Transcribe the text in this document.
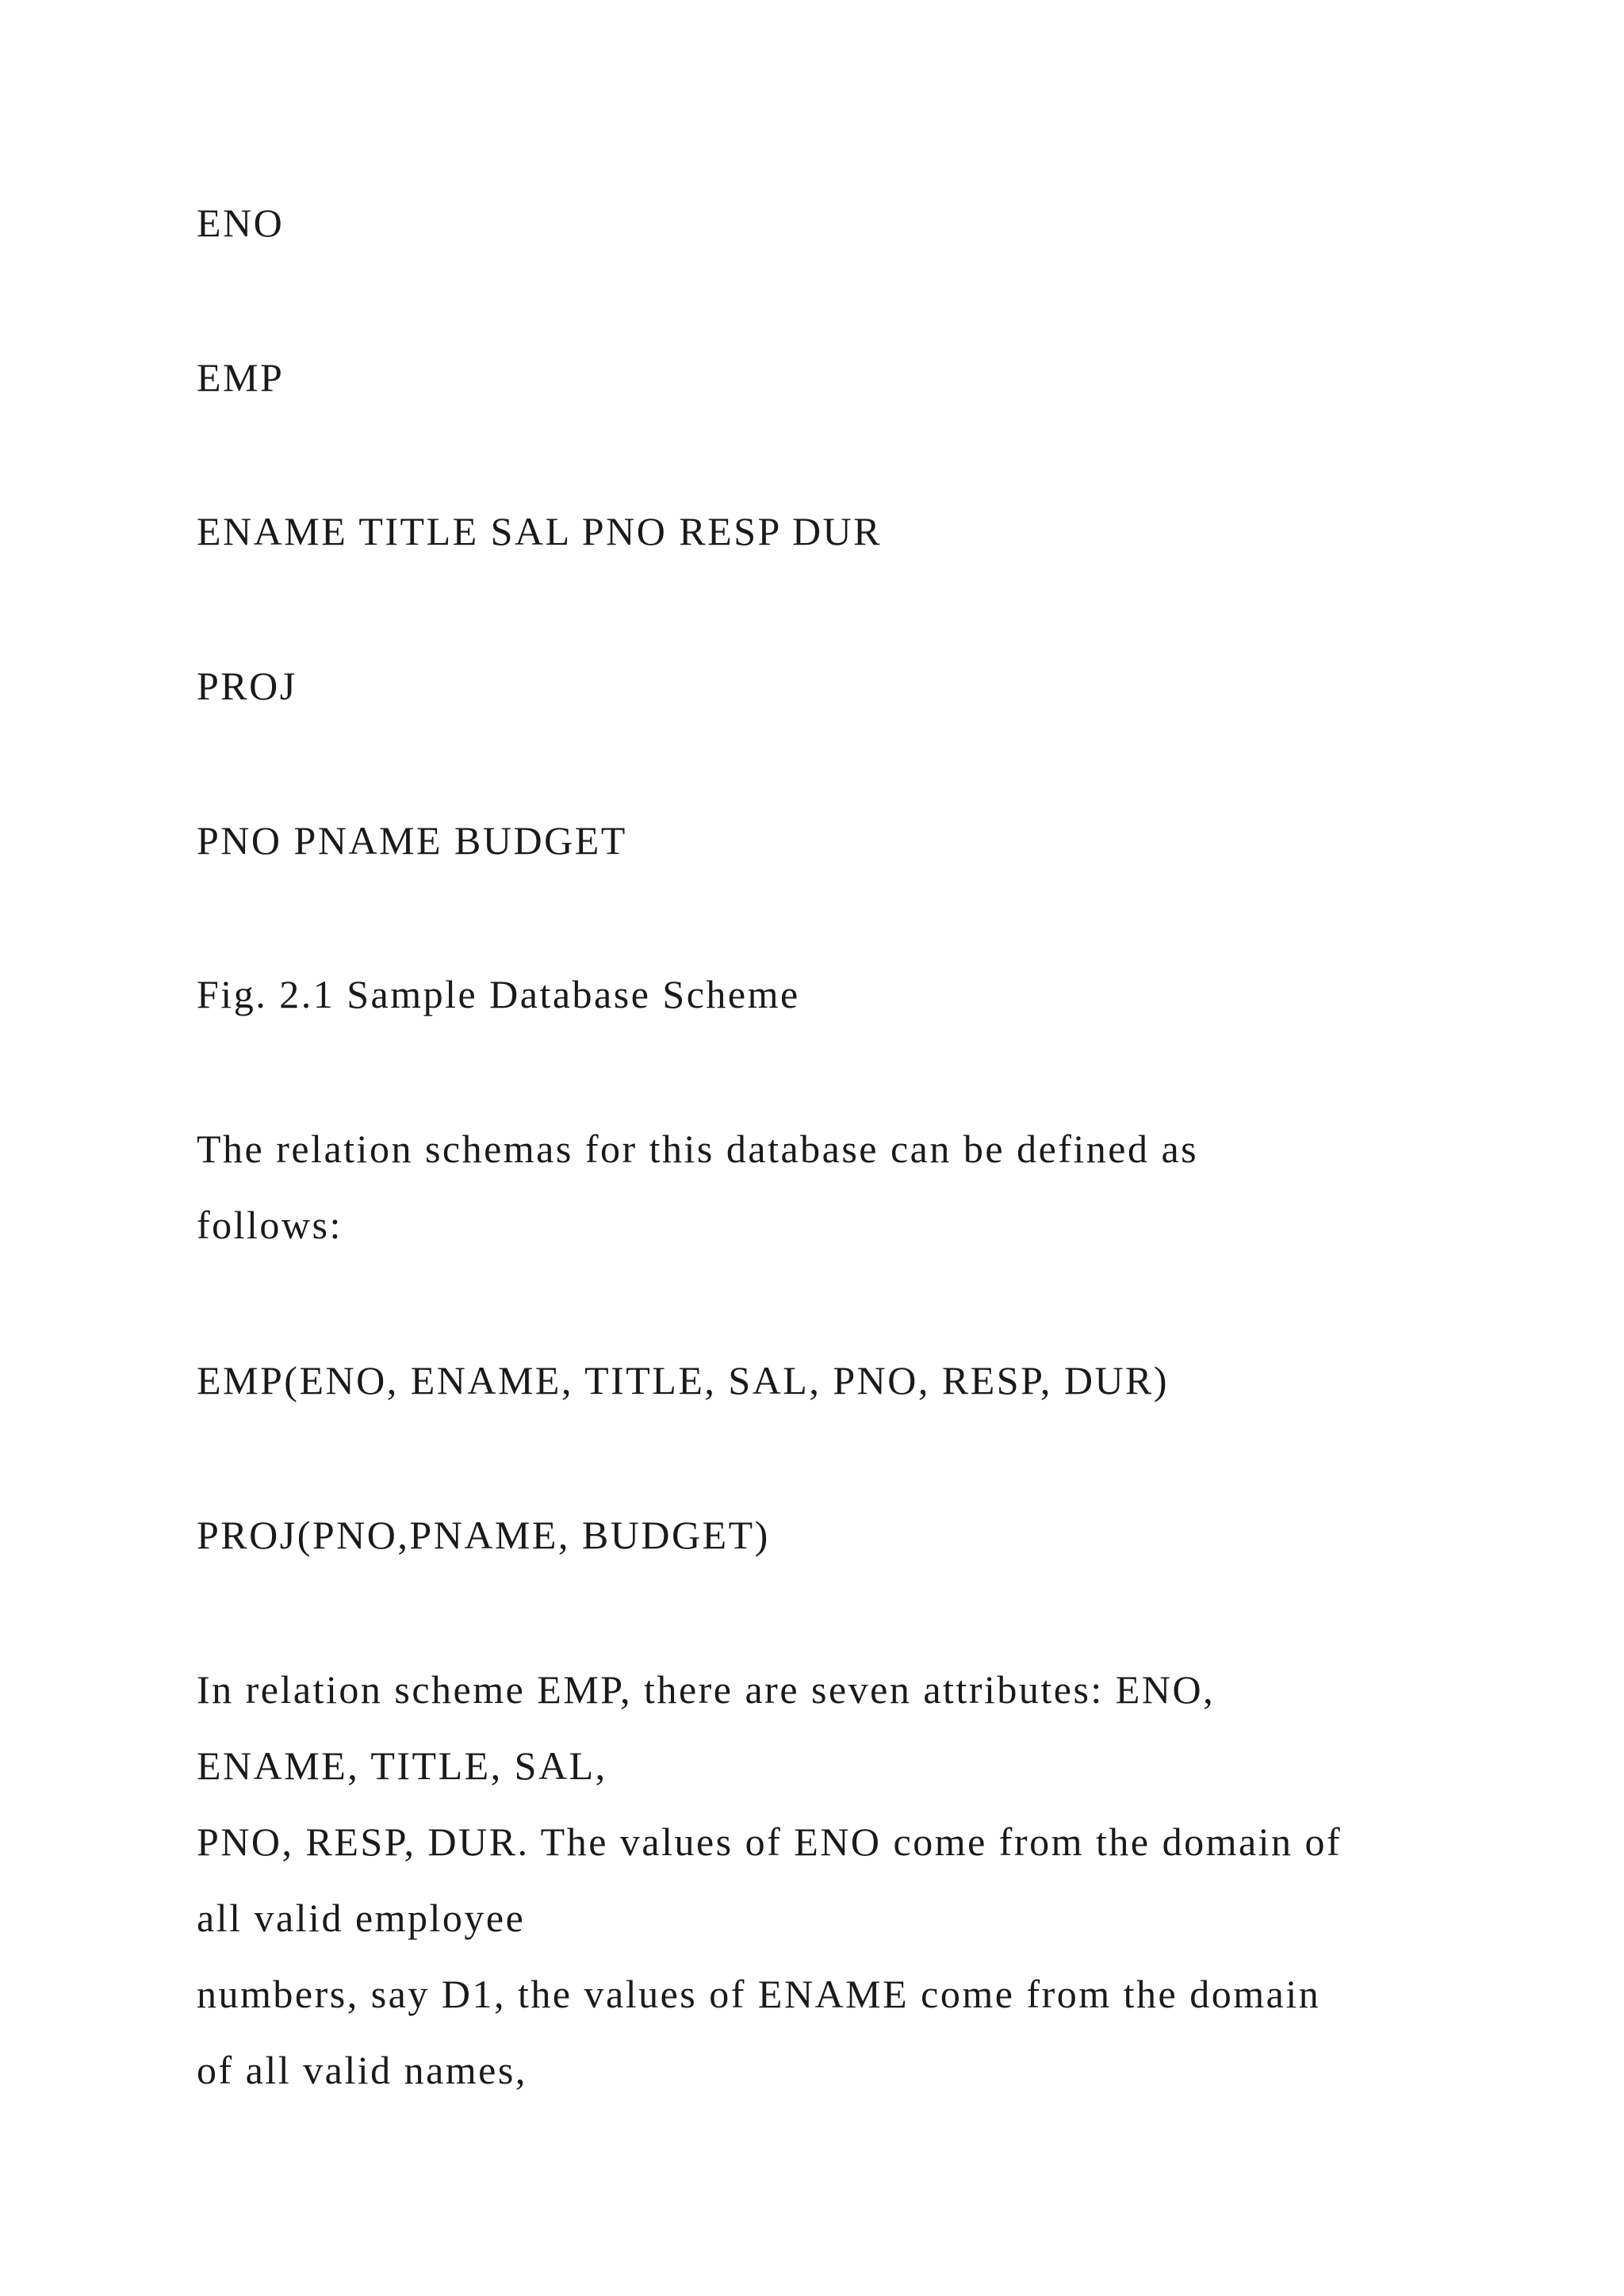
ENO
EMP
ENAME TITLE SAL PNO RESP DUR
PROJ
PNO PNAME BUDGET
Fig. 2.1 Sample Database Scheme
The relation schemas for this database can be defined as
follows:
EMP(ENO, ENAME, TITLE, SAL, PNO, RESP, DUR)
PROJ(PNO,PNAME, BUDGET)
In relation scheme EMP, there are seven attributes: ENO,
ENAME, TITLE, SAL,
PNO, RESP, DUR. The values of ENO come from the domain of
all valid employee
numbers, say D1, the values of ENAME come from the domain
of all valid names,
